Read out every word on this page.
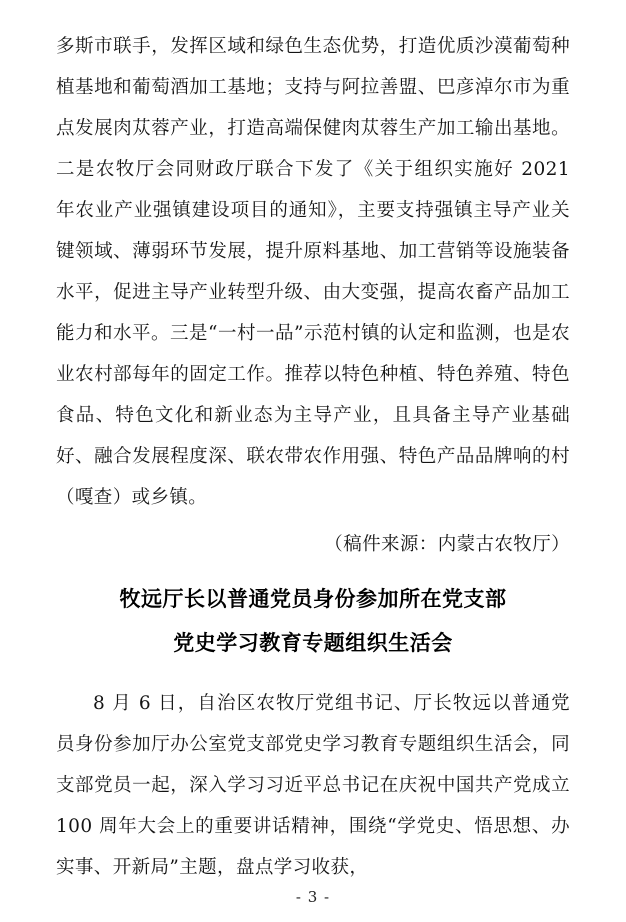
多斯市联手，发挥区域和绿色生态优势，打造优质沙漠葡萄种植基地和葡萄酒加工基地；支持与阿拉善盟、巴彦淖尔市为重点发展肉苁蓉产业，打造高端保健肉苁蓉生产加工输出基地。二是农牧厅会同财政厅联合下发了《关于组织实施好 2021 年农业产业强镇建设项目的通知》，主要支持强镇主导产业关键领域、薄弱环节发展，提升原料基地、加工营销等设施装备水平，促进主导产业转型升级、由大变强，提高农畜产品加工能力和水平。三是“一村一品”示范村镇的认定和监测，也是农业农村部每年的固定工作。推荐以特色种植、特色养殖、特色食品、特色文化和新业态为主导产业，且具备主导产业基础好、融合发展程度深、联农带农作用强、特色产品品牌响的村（嘎查）或乡镇。

（稿件来源：内蒙古农牧厅）

牧远厅长以普通党员身份参加所在党支部
党史学习教育专题组织生活会

8 月 6 日，自治区农牧厅党组书记、厅长牧远以普通党员身份参加厅办公室党支部党史学习教育专题组织生活会，同支部党员一起，深入学习习近平总书记在庆祝中国共产党成立 100 周年大会上的重要讲话精神，围绕“学党史、悟思想、办实事、开新局”主题，盘点学习收获，

- 3 -
